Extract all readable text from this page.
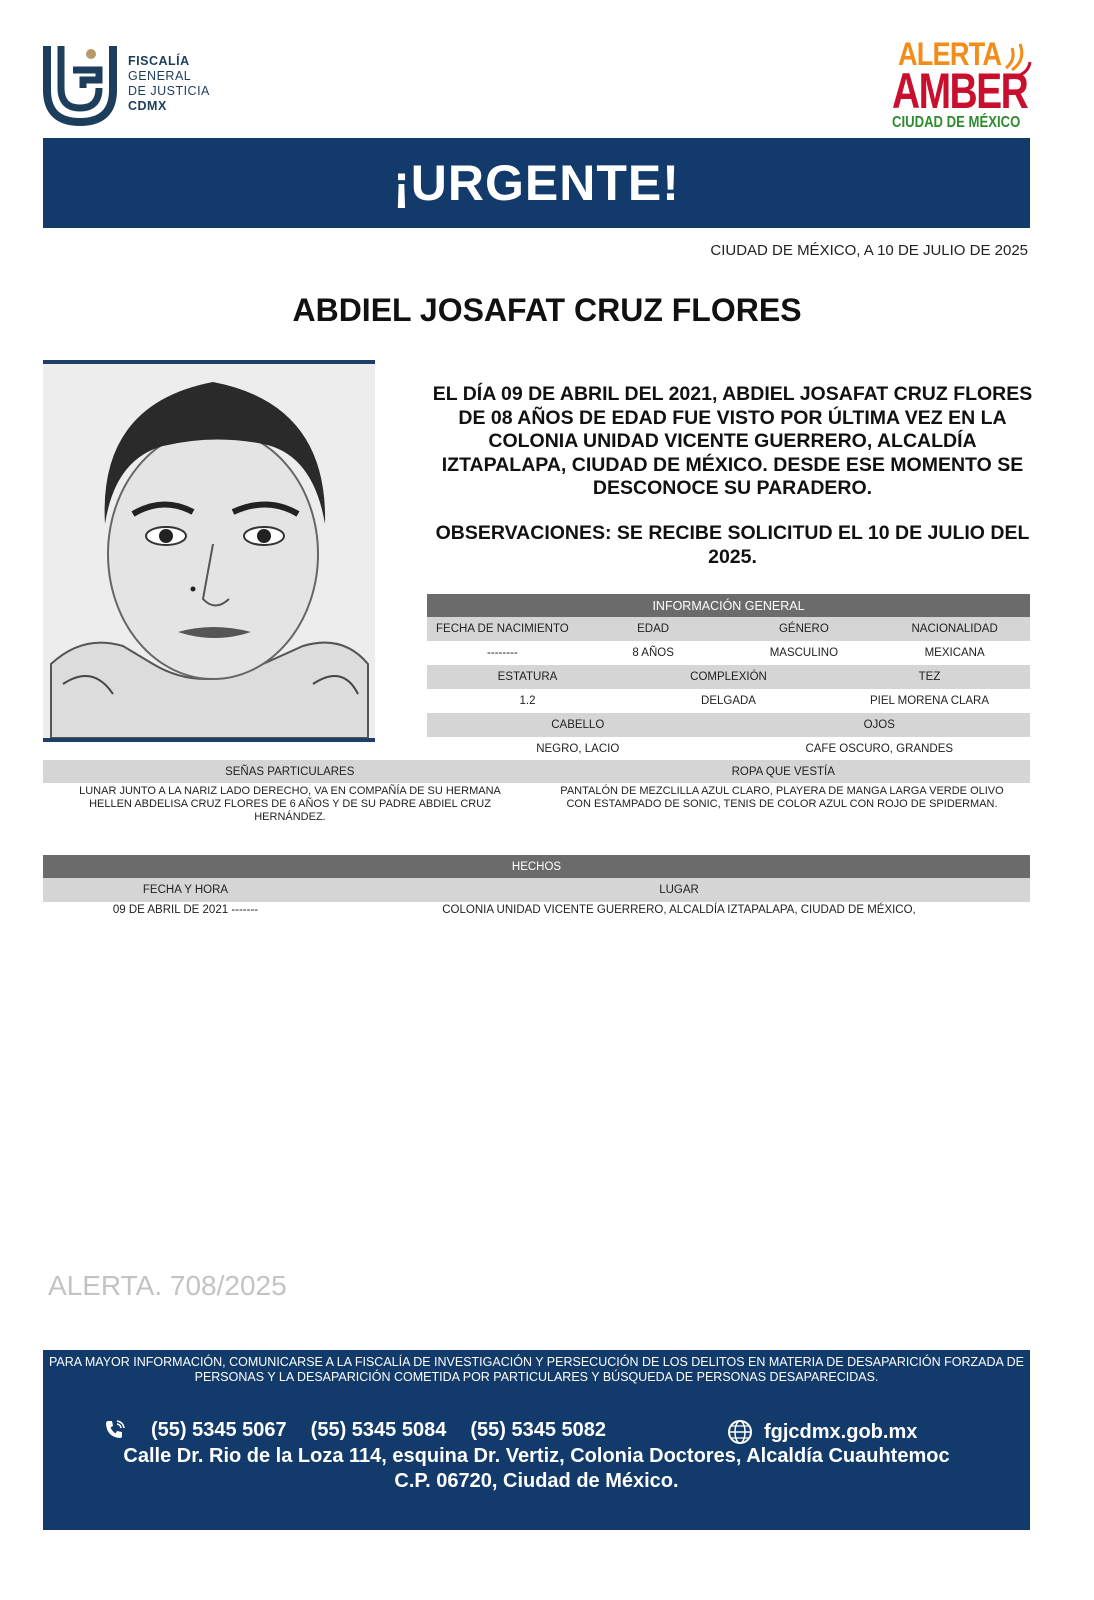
FISCALÍA
GENERAL
DE JUSTICIA
CDMX
ALERTA
AMBER
CIUDAD DE MÉXICO
¡URGENTE!
CIUDAD DE MÉXICO, A 10 DE JULIO DE 2025
ABDIEL JOSAFAT CRUZ FLORES
EL DÍA 09 DE ABRIL DEL 2021, ABDIEL JOSAFAT CRUZ FLORES DE 08 AÑOS DE EDAD FUE VISTO POR ÚLTIMA VEZ EN LA COLONIA UNIDAD VICENTE GUERRERO, ALCALDÍA IZTAPALAPA, CIUDAD DE MÉXICO. DESDE ESE MOMENTO SE DESCONOCE SU PARADERO.
OBSERVACIONES: SE RECIBE SOLICITUD EL 10 DE JULIO DEL 2025.
INFORMACIÓN GENERAL
FECHA DE NACIMIENTO	EDAD	GÉNERO	NACIONALIDAD
--------	8 AÑOS	MASCULINO	MEXICANA
ESTATURA	COMPLEXIÓN	TEZ
1.2	DELGADA	PIEL MORENA CLARA
CABELLO	OJOS
NEGRO, LACIO	CAFE OSCURO, GRANDES
SEÑAS PARTICULARES	ROPA QUE VESTÍA
LUNAR JUNTO A LA NARIZ LADO DERECHO, VA EN COMPAÑÍA DE SU HERMANA HELLEN ABDELISA CRUZ FLORES DE 6 AÑOS Y DE SU PADRE ABDIEL CRUZ HERNÁNDEZ.
PANTALÓN DE MEZCLILLA AZUL CLARO, PLAYERA DE MANGA LARGA VERDE OLIVO CON ESTAMPADO DE SONIC, TENIS DE COLOR AZUL CON ROJO DE SPIDERMAN.
HECHOS
FECHA Y HORA	LUGAR
09 DE ABRIL DE 2021 -------	COLONIA UNIDAD VICENTE GUERRERO, ALCALDÍA IZTAPALAPA, CIUDAD DE MÉXICO,
ALERTA. 708/2025
PARA MAYOR INFORMACIÓN, COMUNICARSE A LA FISCALÍA DE INVESTIGACIÓN Y PERSECUCIÓN DE LOS DELITOS EN MATERIA DE DESAPARICIÓN FORZADA DE PERSONAS Y LA DESAPARICIÓN COMETIDA POR PARTICULARES Y BÚSQUEDA DE PERSONAS DESAPARECIDAS.
(55) 5345 5067 (55) 5345 5084 (55) 5345 5082	fgjcdmx.gob.mx
Calle Dr. Rio de la Loza 114, esquina Dr. Vertiz, Colonia Doctores, Alcaldía Cuauhtemoc
C.P. 06720, Ciudad de México.
